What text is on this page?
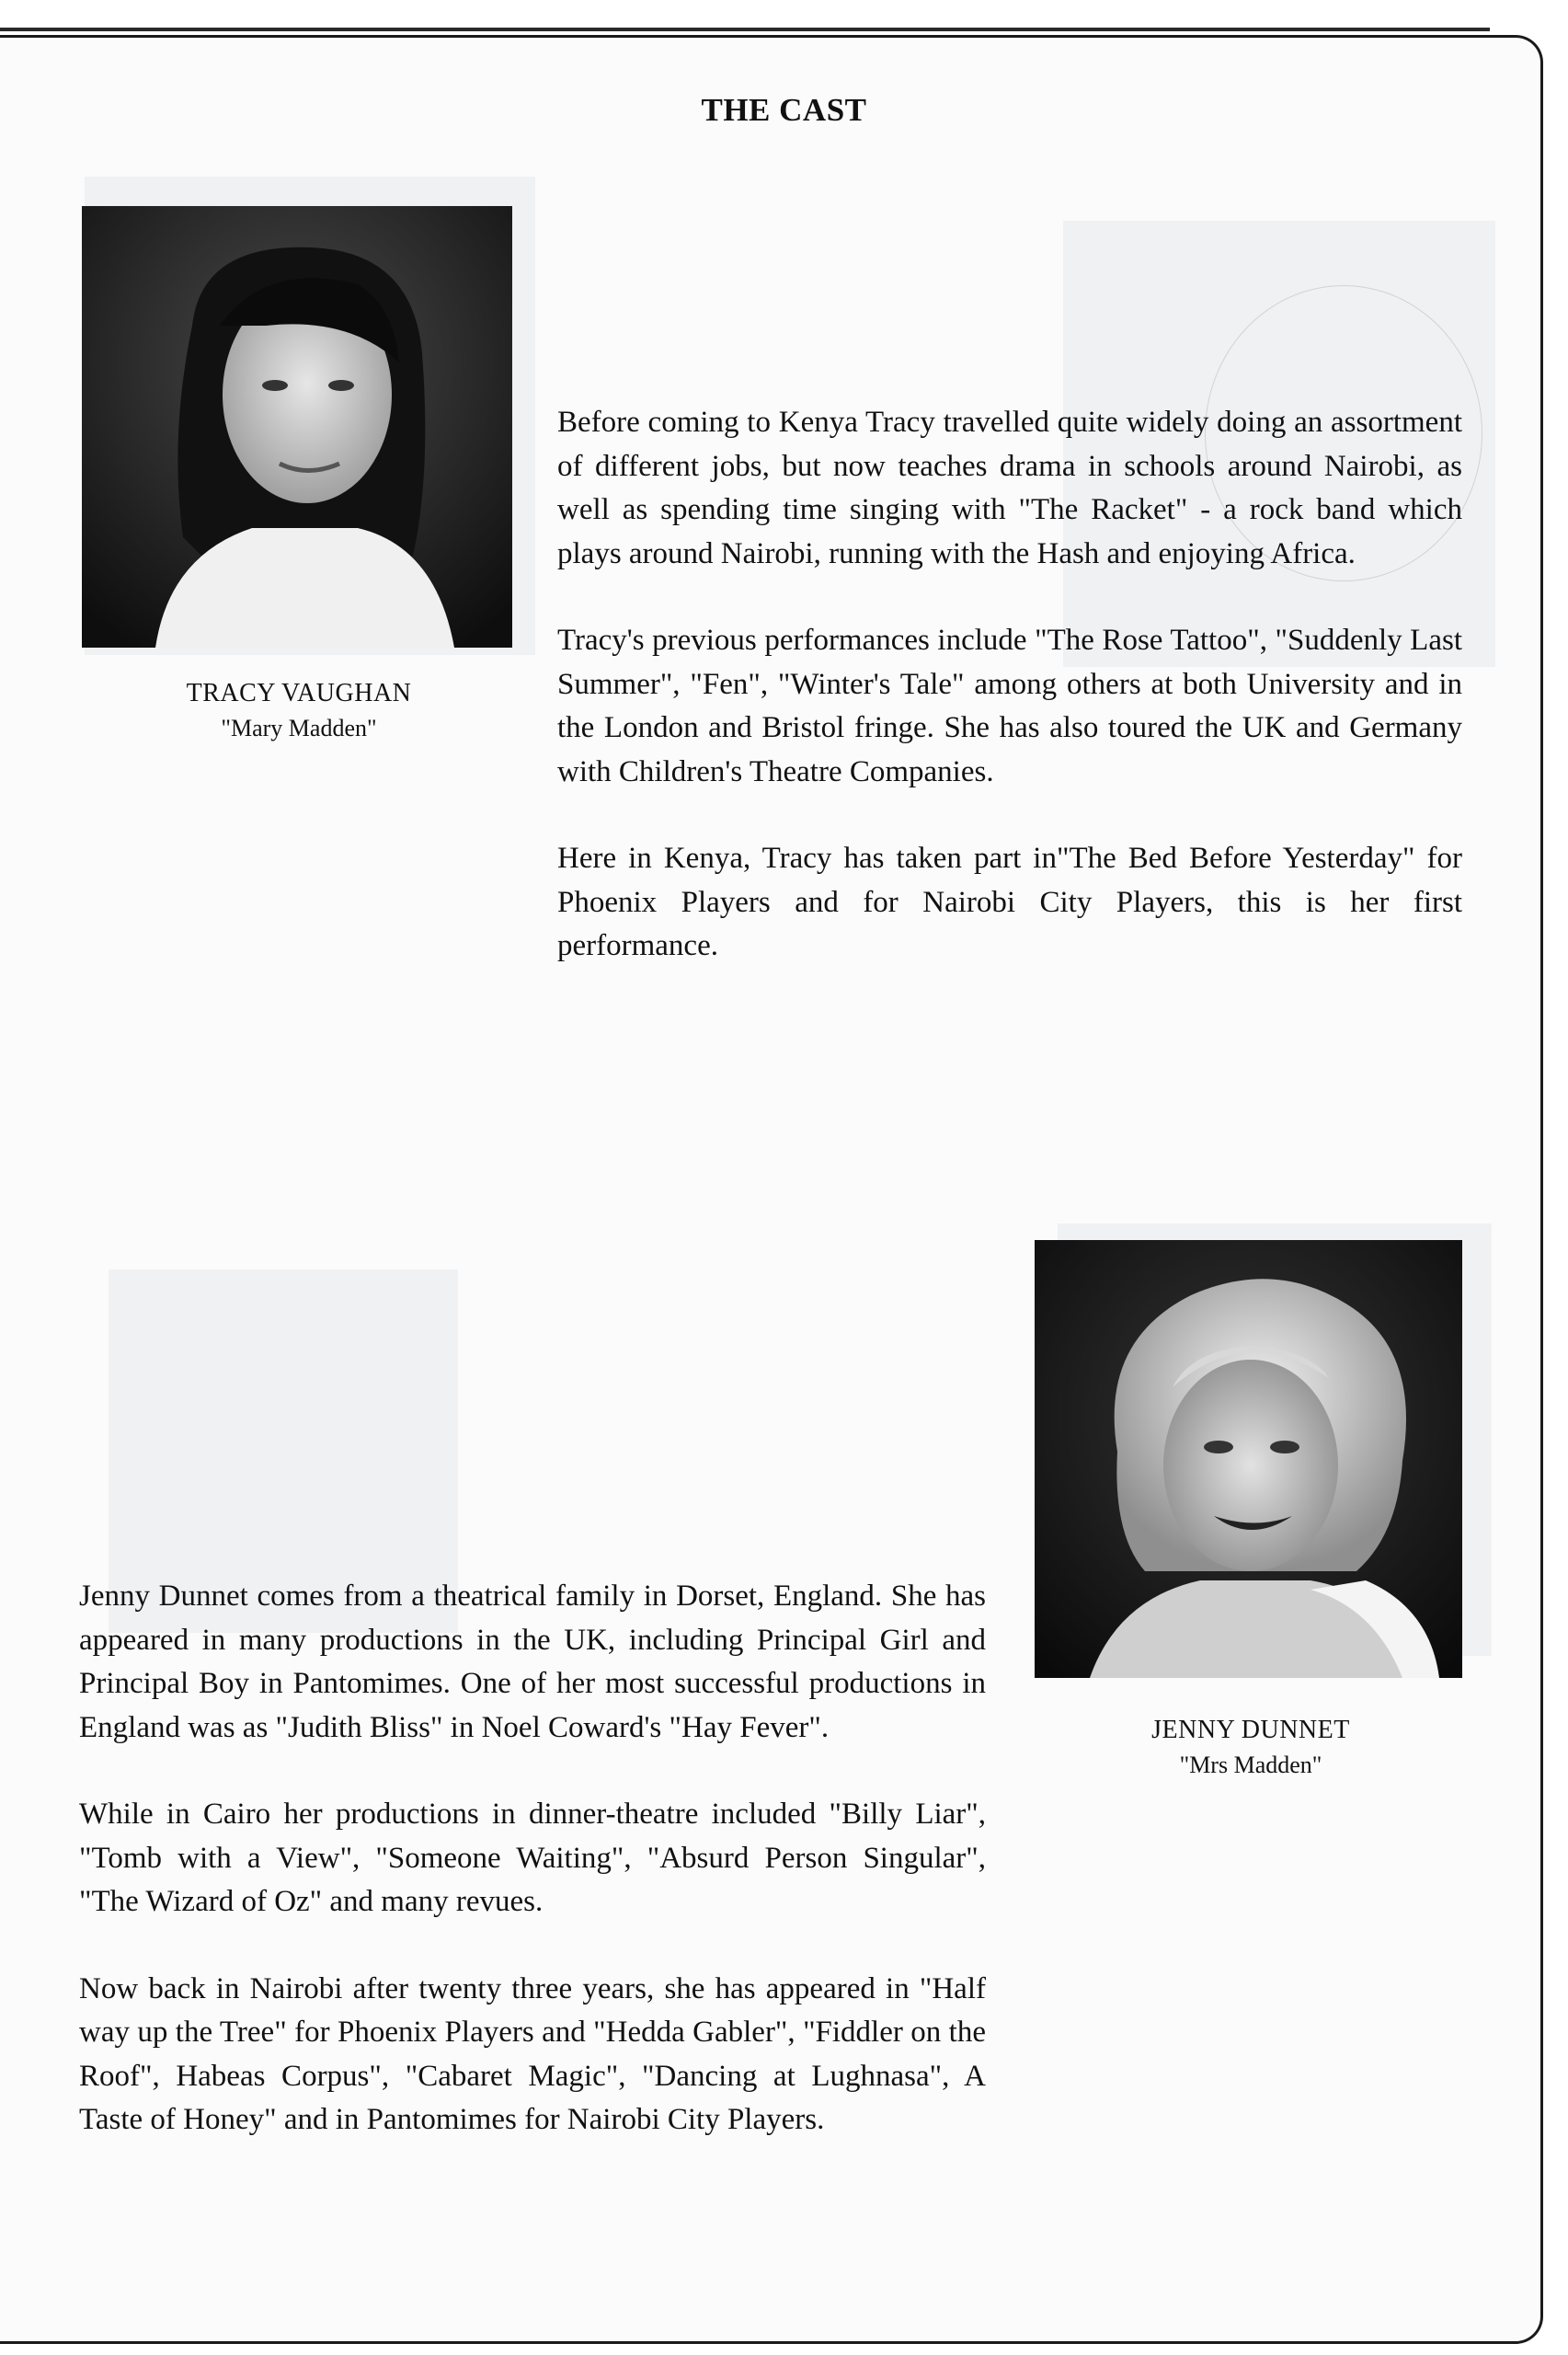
THE CAST
TRACY VAUGHAN
"Mary Madden"

Before coming to Kenya Tracy travelled quite widely doing an assortment of different jobs, but now teaches drama in schools around Nairobi, as well as spending time singing with "The Racket" - a rock band which plays around Nairobi, running with the Hash and enjoying Africa.

Tracy's previous performances include "The Rose Tattoo", "Suddenly Last Summer", "Fen", "Winter's Tale" among others at both University and in the London and Bristol fringe. She has also toured the UK and Germany with Children's Theatre Companies.

Here in Kenya, Tracy has taken part in"The Bed Before Yesterday" for Phoenix Players and for Nairobi City Players, this is her first performance.

JENNY DUNNET
"Mrs Madden"

Jenny Dunnet comes from a theatrical family in Dorset, England. She has appeared in many productions in the UK, including Principal Girl and Principal Boy in Pantomimes. One of her most successful productions in England was as "Judith Bliss" in Noel Coward's "Hay Fever".

While in Cairo her productions in dinner-theatre included "Billy Liar", "Tomb with a View", "Someone Waiting", "Absurd Person Singular", "The Wizard of Oz" and many revues.

Now back in Nairobi after twenty three years, she has appeared in "Half way up the Tree" for Phoenix Players and "Hedda Gabler", "Fiddler on the Roof", Habeas Corpus", "Cabaret Magic", "Dancing at Lughnasa", A Taste of Honey" and in Pantomimes for Nairobi City Players.
